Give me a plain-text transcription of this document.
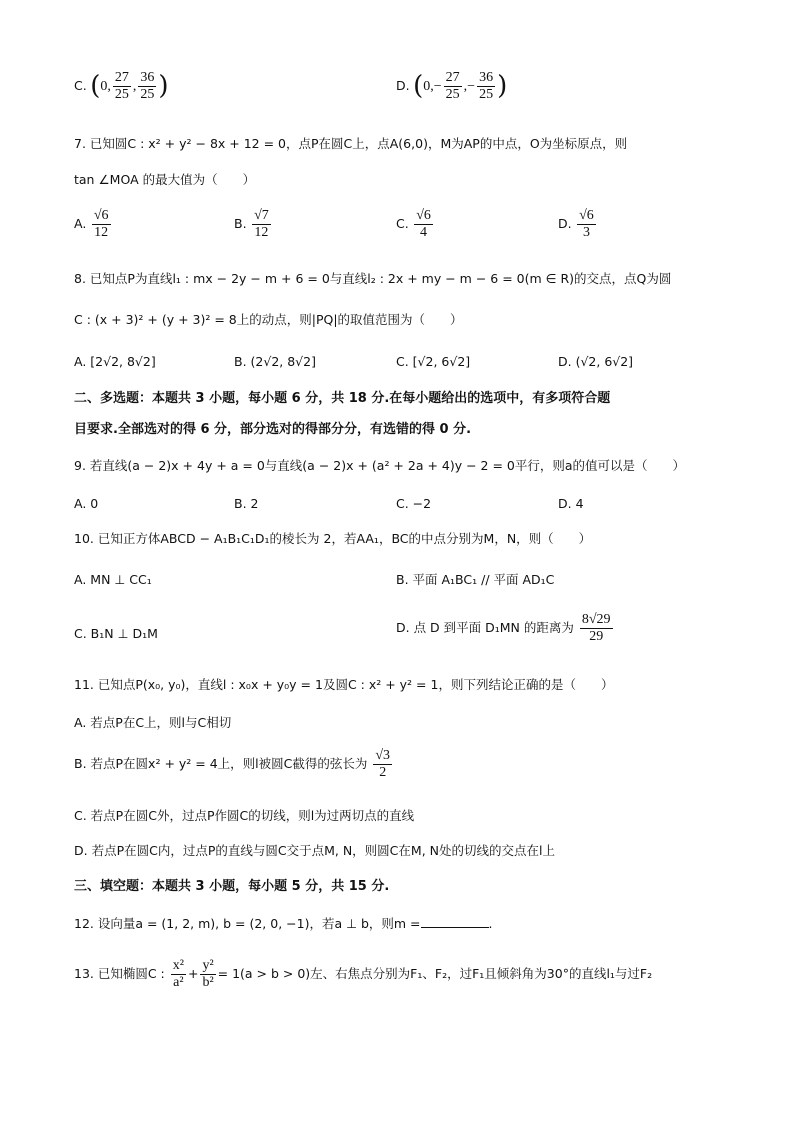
C. (0, $\frac{27}{25}$ , $\frac{36}{25}$ )	D. ($0,- \frac{27}{25}$ ,− $\frac{36}{25}$ )
7. 已知圆C : x² + y² − 8x + 12 = 0，点P在圆C上，点A(6,0)，M为AP的中点，O为坐标原点，则
tan ∠MOA 的最大值为（　　）
A. $\frac{√6}{12}$	B. $\frac{√7}{12}$	C. $\frac{√6}{4}$	D. $\frac{√6}{3}$
8. 已知点P为直线l₁ : mx − 2y − m + 6 = 0与直线l₂ : 2x + my − m − 6 = 0(m ∈ R)的交点，点Q为圆
C : (x + 3)² + (y + 3)² = 8上的动点，则|PQ|的取值范围为（　　）
A. [2√2, 8√2]	B. (2√2, 8√2]	C. [√2, 6√2]	D. (√2, 6√2]
二、多选题：本题共 3 小题，每小题 6 分，共 18 分.在每小题给出的选项中，有多项符合题
目要求.全部选对的得 6 分，部分选对的得部分分，有选错的得 0 分.
9. 若直线(a − 2)x + 4y + a = 0与直线(a − 2)x + (a² + 2a + 4)y − 2 = 0平行，则a的值可以是（　　）
A. 0	B. 2	C. −2	D. 4
10. 已知正方体ABCD − A₁B₁C₁D₁的棱长为 2，若AA₁，BC的中点分别为M，N，则（　　）
A. MN ⊥ CC₁	B. 平面 A₁BC₁ // 平面 AD₁C
C. B₁N ⊥ D₁M	D. 点 D 到平面 D₁MN 的距离为 $\frac{8√29}{29}$
11. 已知点P(x₀, y₀)，直线l : x₀x + y₀y = 1及圆C : x² + y² = 1，则下列结论正确的是（　　）
A. 若点P在C上，则l与C相切
B. 若点P在圆x² + y² = 4上，则l被圆C截得的弦长为 $\frac{√3}{2}$
C. 若点P在圆C外，过点P作圆C的切线，则l为过两切点的直线
D. 若点P在圆C内，过点P的直线与圆C交于点M, N，则圆C在M, N处的切线的交点在l上
三、填空题：本题共 3 小题，每小题 5 分，共 15 分.
12. 设向量a = (1, 2, m), b = (2, 0, −1)，若a ⊥ b，则m =	.
13. 已知椭圆C : $\frac{\text{x²}}{\text{a²}} + \frac{\text{y²}}{\text{b²}} = 1(a > b > 0)$左、右焦点分别为F₁、F₂，过F₁且倾斜角为30°的直线l₁与过F₂
